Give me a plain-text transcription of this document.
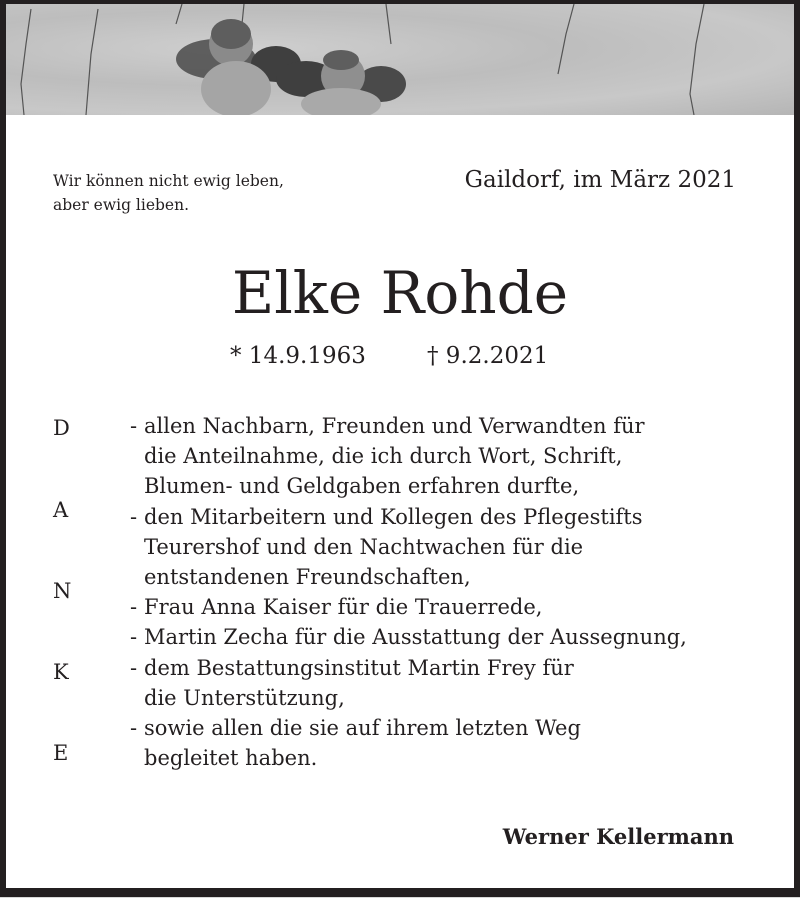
Wir können nicht ewig leben,
aber ewig lieben.
Gaildorf, im März 2021
Elke Rohde
* 14.9.1963	† 9.2.2021
D
A
N
K
E
- allen Nachbarn, Freunden und Verwandten für
die Anteilnahme, die ich durch Wort, Schrift,
Blumen- und Geldgaben erfahren durfte,
- den Mitarbeitern und Kollegen des Pflegestifts
Teurershof und den Nachtwachen für die
entstandenen Freundschaften,
- Frau Anna Kaiser für die Trauerrede,
- Martin Zecha für die Ausstattung der Aussegnung,
- dem Bestattungsinstitut Martin Frey für
die Unterstützung,
- sowie allen die sie auf ihrem letzten Weg
begleitet haben.
Werner Kellermann
